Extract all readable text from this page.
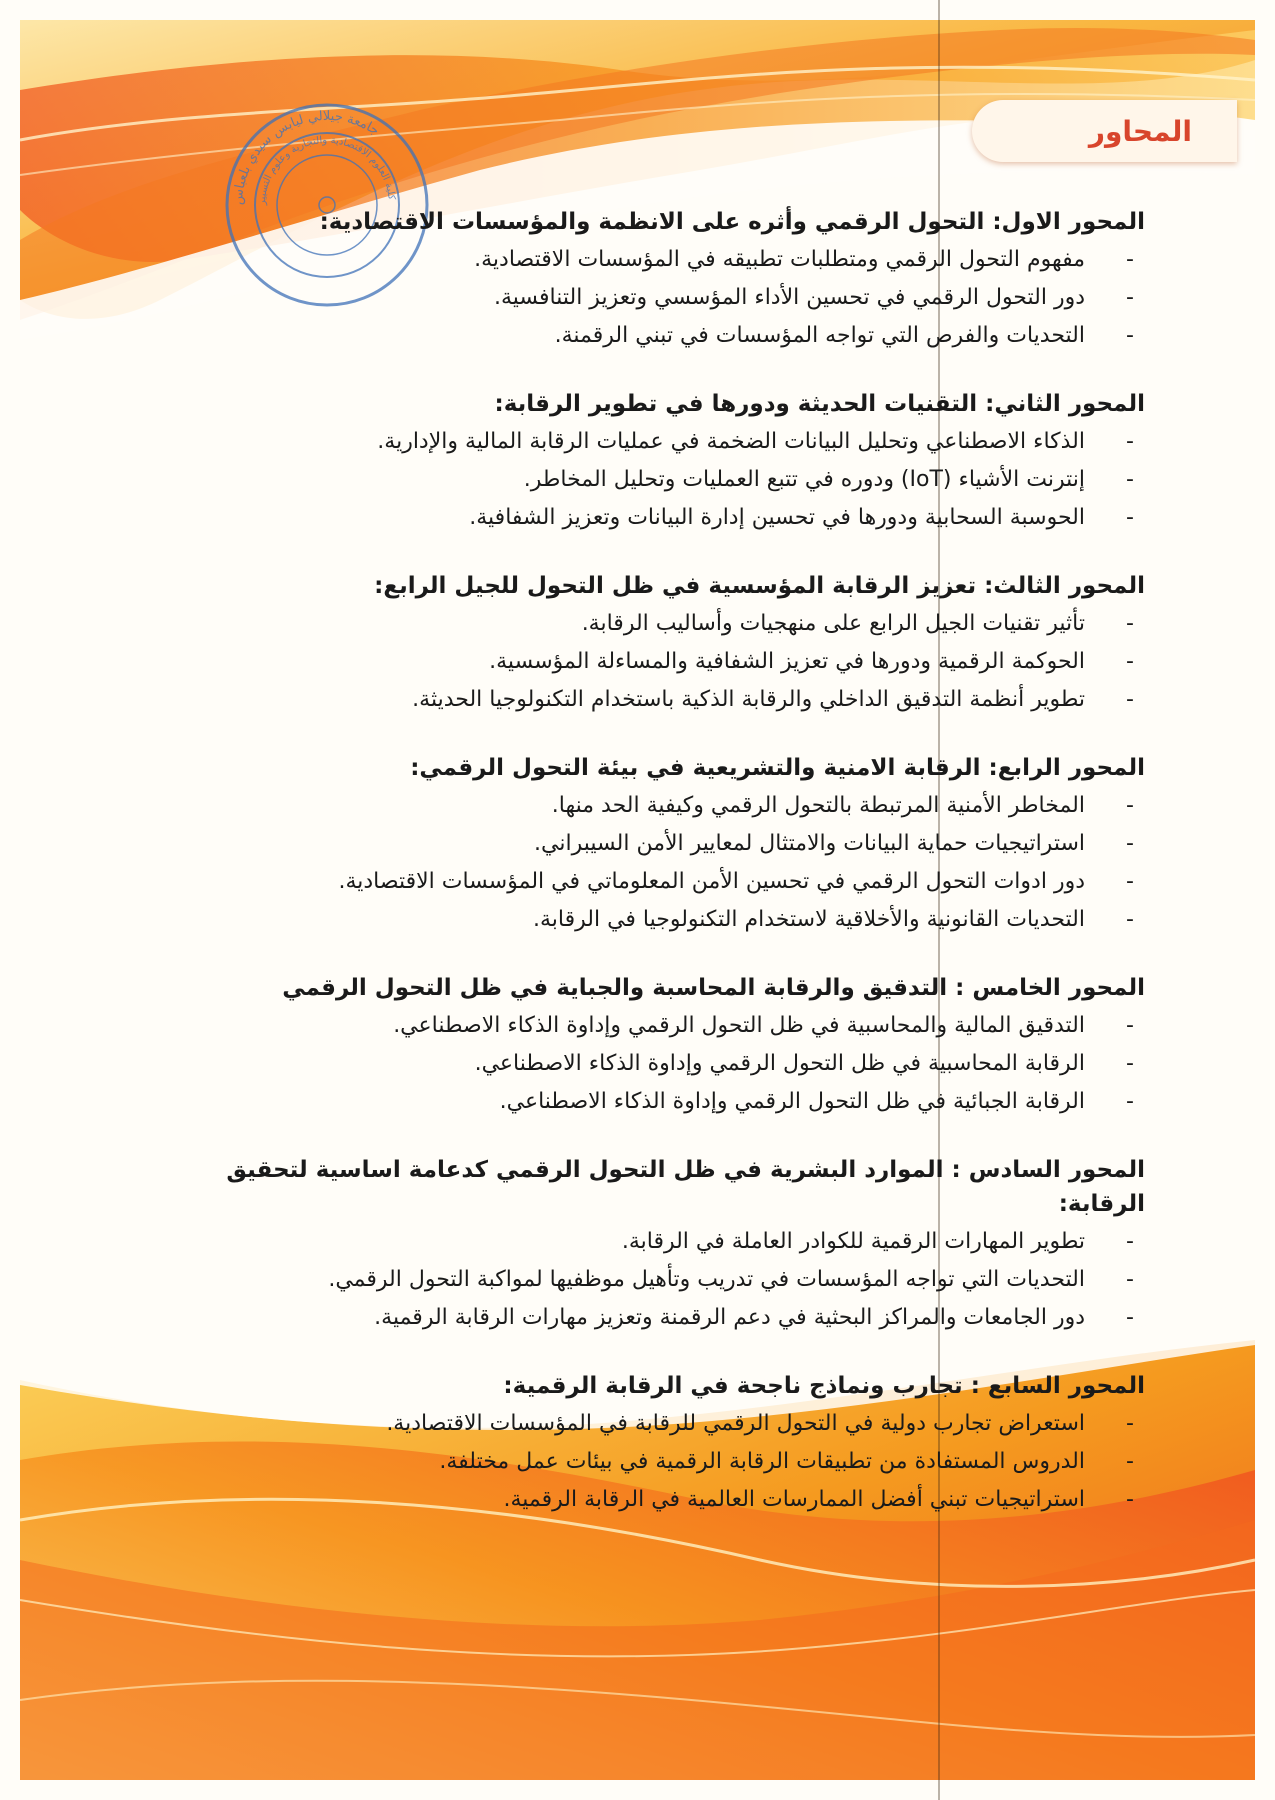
المحاور
جامعة جيلالي ليابس سيدي بلعباس
كلية العلوم الاقتصادية والتجارية وعلوم التسيير
المحور الاول: التحول الرقمي وأثره على الانظمة والمؤسسات الاقتصادية:
-
مفهوم التحول الرقمي ومتطلبات تطبيقه في المؤسسات الاقتصادية.
-
دور التحول الرقمي في تحسين الأداء المؤسسي وتعزيز التنافسية.
-
التحديات والفرص التي تواجه المؤسسات في تبني الرقمنة.
المحور الثاني: التقنيات الحديثة ودورها في تطوير الرقابة:
-
الذكاء الاصطناعي وتحليل البيانات الضخمة في عمليات الرقابة المالية والإدارية.
-
إنترنت الأشياء (IoT) ودوره في تتبع العمليات وتحليل المخاطر.
-
الحوسبة السحابية ودورها في تحسين إدارة البيانات وتعزيز الشفافية.
المحور الثالث: تعزيز الرقابة المؤسسية في ظل التحول للجيل الرابع:
-
تأثير تقنيات الجيل الرابع على منهجيات وأساليب الرقابة.
-
الحوكمة الرقمية ودورها في تعزيز الشفافية والمساءلة المؤسسية.
-
تطوير أنظمة التدقيق الداخلي والرقابة الذكية باستخدام التكنولوجيا الحديثة.
المحور الرابع: الرقابة الامنية والتشريعية في بيئة التحول الرقمي:
-
المخاطر الأمنية المرتبطة بالتحول الرقمي وكيفية الحد منها.
-
استراتيجيات حماية البيانات والامتثال لمعايير الأمن السيبراني.
-
دور ادوات التحول الرقمي في تحسين الأمن المعلوماتي في المؤسسات الاقتصادية.
-
التحديات القانونية والأخلاقية لاستخدام التكنولوجيا في الرقابة.
المحور الخامس : التدقيق والرقابة المحاسبة والجباية في ظل التحول الرقمي
-
التدقيق المالية والمحاسبية في ظل التحول الرقمي وإداوة الذكاء الاصطناعي.
-
الرقابة المحاسبية في ظل التحول الرقمي وإداوة الذكاء الاصطناعي.
-
الرقابة الجبائية في ظل التحول الرقمي وإداوة الذكاء الاصطناعي.
المحور السادس : الموارد البشرية في ظل التحول الرقمي كدعامة اساسية لتحقيق الرقابة:
-
تطوير المهارات الرقمية للكوادر العاملة في الرقابة.
-
التحديات التي تواجه المؤسسات في تدريب وتأهيل موظفيها لمواكبة التحول الرقمي.
-
دور الجامعات والمراكز البحثية في دعم الرقمنة وتعزيز مهارات الرقابة الرقمية.
المحور السابع : تجارب ونماذج ناجحة في الرقابة الرقمية:
-
استعراض تجارب دولية في التحول الرقمي للرقابة في المؤسسات الاقتصادية.
-
الدروس المستفادة من تطبيقات الرقابة الرقمية في بيئات عمل مختلفة.
-
استراتيجيات تبني أفضل الممارسات العالمية في الرقابة الرقمية.
